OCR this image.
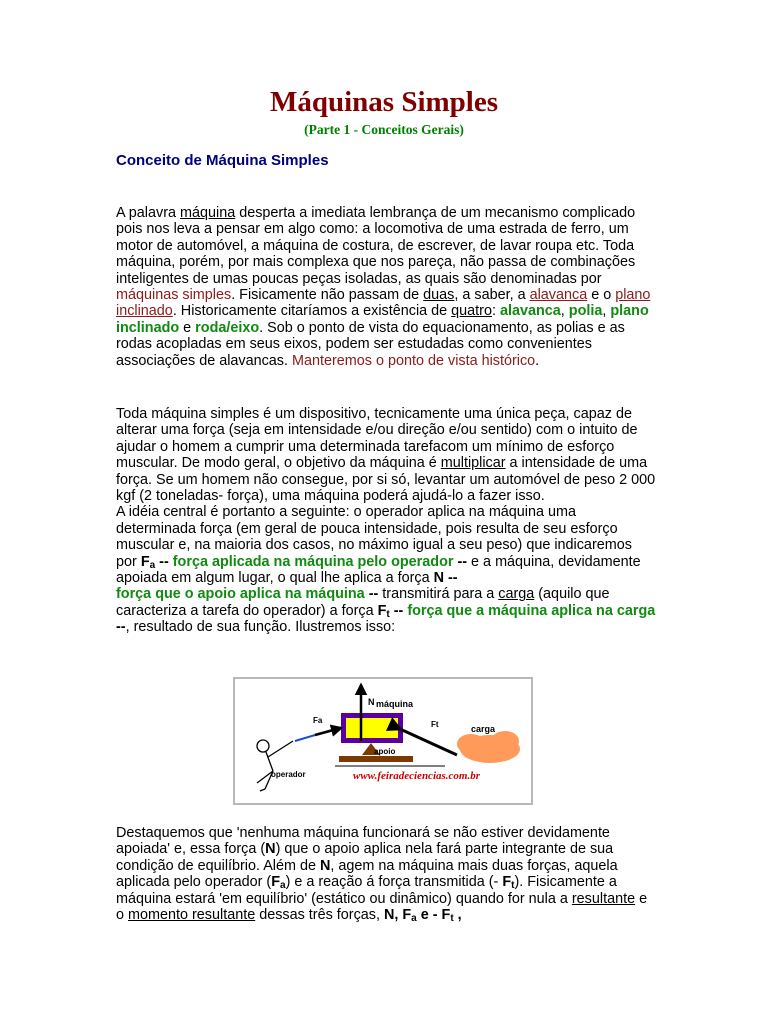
Máquinas Simples
(Parte 1 - Conceitos Gerais)
Conceito de Máquina Simples
A palavra máquina desperta a imediata lembrança de um mecanismo complicado pois nos leva a pensar em algo como: a locomotiva de uma estrada de ferro, um motor de automóvel, a máquina de costura, de escrever, de lavar roupa etc. Toda máquina, porém, por mais complexa que nos pareça, não passa de combinações inteligentes de umas poucas peças isoladas, as quais são denominadas por máquinas simples. Fisicamente não passam de duas, a saber, a alavanca e o plano inclinado. Historicamente citaríamos a existência de quatro: alavanca, polia, plano inclinado e roda/eixo. Sob o ponto de vista do equacionamento, as polias e as rodas acopladas em seus eixos, podem ser estudadas como convenientes associações de alavancas. Manteremos o ponto de vista histórico.
Toda máquina simples é um dispositivo, tecnicamente uma única peça, capaz de alterar uma força (seja em intensidade e/ou direção e/ou sentido) com o intuito de ajudar o homem a cumprir uma determinada tarefacom um mínimo de esforço muscular. De modo geral, o objetivo da máquina é multiplicar a intensidade de uma força. Se um homem não consegue, por si só, levantar um automóvel de peso 2 000 kgf (2 toneladas- força), uma máquina poderá ajudá-lo a fazer isso.
A idéia central é portanto a seguinte: o operador aplica na máquina uma determinada força (em geral de pouca intensidade, pois resulta de seu esforço muscular e, na maioria dos casos, no máximo igual a seu peso) que indicaremos por $F_a$ -- força aplicada na máquina pelo operador -- e a máquina, devidamente apoiada em algum lugar, o qual lhe aplica a força N --
força que o apoio aplica na máquina -- transmitirá para a carga (aquilo que caracteriza a tarefa do operador) a força $F_t$ -- força que a máquina aplica na carga --, resultado de sua função. Ilustremos isso:
N máquina
Fa	Ft	carga
apoio
operador	www.feiradeciencias.com.br
Destaquemos que 'nenhuma máquina funcionará se não estiver devidamente apoiada' e, essa força (N) que o apoio aplica nela fará parte integrante de sua condição de equilíbrio. Além de N, agem na máquina mais duas forças, aquela aplicada pelo operador $(F_a)$ e a reação á força transmitida (- $F_t$). Fisicamente a máquina estará 'em equilíbrio' (estático ou dinâmico) quando for nula a resultante e o momento resultante dessas três forças, N, $F_a$ e - $F_t$ ,
